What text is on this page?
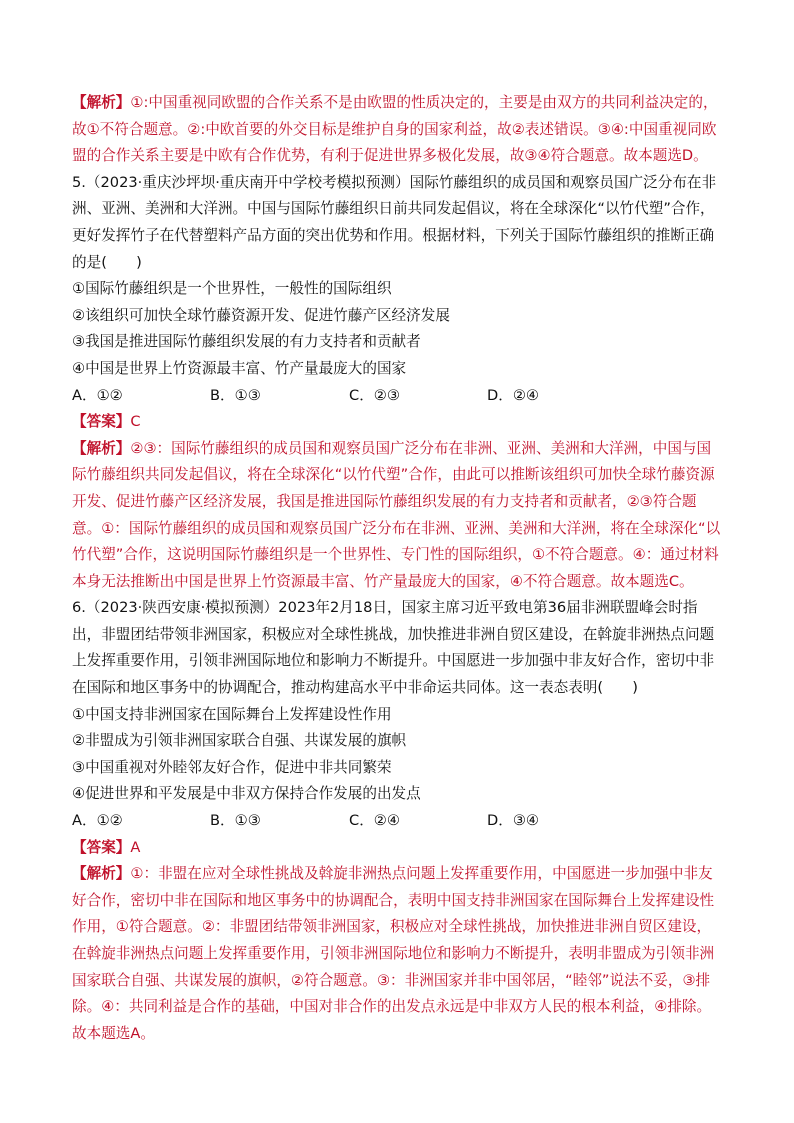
【解析】①:中国重视同欧盟的合作关系不是由欧盟的性质决定的，主要是由双方的共同利益决定的，故①不符合题意。②:中欧首要的外交目标是维护自身的国家利益，故②表述错误。③④:中国重视同欧盟的合作关系主要是中欧有合作优势，有利于促进世界多极化发展，故③④符合题意。故本题选D。

5.（2023·重庆沙坪坝·重庆南开中学校考模拟预测）国际竹藤组织的成员国和观察员国广泛分布在非洲、亚洲、美洲和大洋洲。中国与国际竹藤组织日前共同发起倡议，将在全球深化“以竹代塑”合作，更好发挥竹子在代替塑料产品方面的突出优势和作用。根据材料，下列关于国际竹藤组织的推断正确的是(　　)

①国际竹藤组织是一个世界性，一般性的国际组织

②该组织可加快全球竹藤资源开发、促进竹藤产区经济发展

③我国是推进国际竹藤组织发展的有力支持者和贡献者

④中国是世界上竹资源最丰富、竹产量最庞大的国家

A．①②	B．①③	C．②③	D．②④

【答案】C

【解析】②③：国际竹藤组织的成员国和观察员国广泛分布在非洲、亚洲、美洲和大洋洲，中国与国际竹藤组织共同发起倡议，将在全球深化“以竹代塑”合作，由此可以推断该组织可加快全球竹藤资源开发、促进竹藤产区经济发展，我国是推进国际竹藤组织发展的有力支持者和贡献者，②③符合题意。①：国际竹藤组织的成员国和观察员国广泛分布在非洲、亚洲、美洲和大洋洲，将在全球深化“以竹代塑”合作，这说明国际竹藤组织是一个世界性、专门性的国际组织，①不符合题意。④：通过材料本身无法推断出中国是世界上竹资源最丰富、竹产量最庞大的国家，④不符合题意。故本题选C。

6.（2023·陕西安康·模拟预测）2023年2月18日，国家主席习近平致电第36届非洲联盟峰会时指出，非盟团结带领非洲国家，积极应对全球性挑战，加快推进非洲自贸区建设，在斡旋非洲热点问题上发挥重要作用，引领非洲国际地位和影响力不断提升。中国愿进一步加强中非友好合作，密切中非在国际和地区事务中的协调配合，推动构建高水平中非命运共同体。这一表态表明(　　)

①中国支持非洲国家在国际舞台上发挥建设性作用

②非盟成为引领非洲国家联合自强、共谋发展的旗帜

③中国重视对外睦邻友好合作，促进中非共同繁荣

④促进世界和平发展是中非双方保持合作发展的出发点

A．①②	B．①③	C．②④	D．③④

【答案】A

【解析】①：非盟在应对全球性挑战及斡旋非洲热点问题上发挥重要作用，中国愿进一步加强中非友好合作，密切中非在国际和地区事务中的协调配合，表明中国支持非洲国家在国际舞台上发挥建设性作用，①符合题意。②：非盟团结带领非洲国家，积极应对全球性挑战，加快推进非洲自贸区建设，在斡旋非洲热点问题上发挥重要作用，引领非洲国际地位和影响力不断提升，表明非盟成为引领非洲国家联合自强、共谋发展的旗帜，②符合题意。③：非洲国家并非中国邻居，“睦邻”说法不妥，③排除。④：共同利益是合作的基础，中国对非合作的出发点永远是中非双方人民的根本利益，④排除。故本题选A。
